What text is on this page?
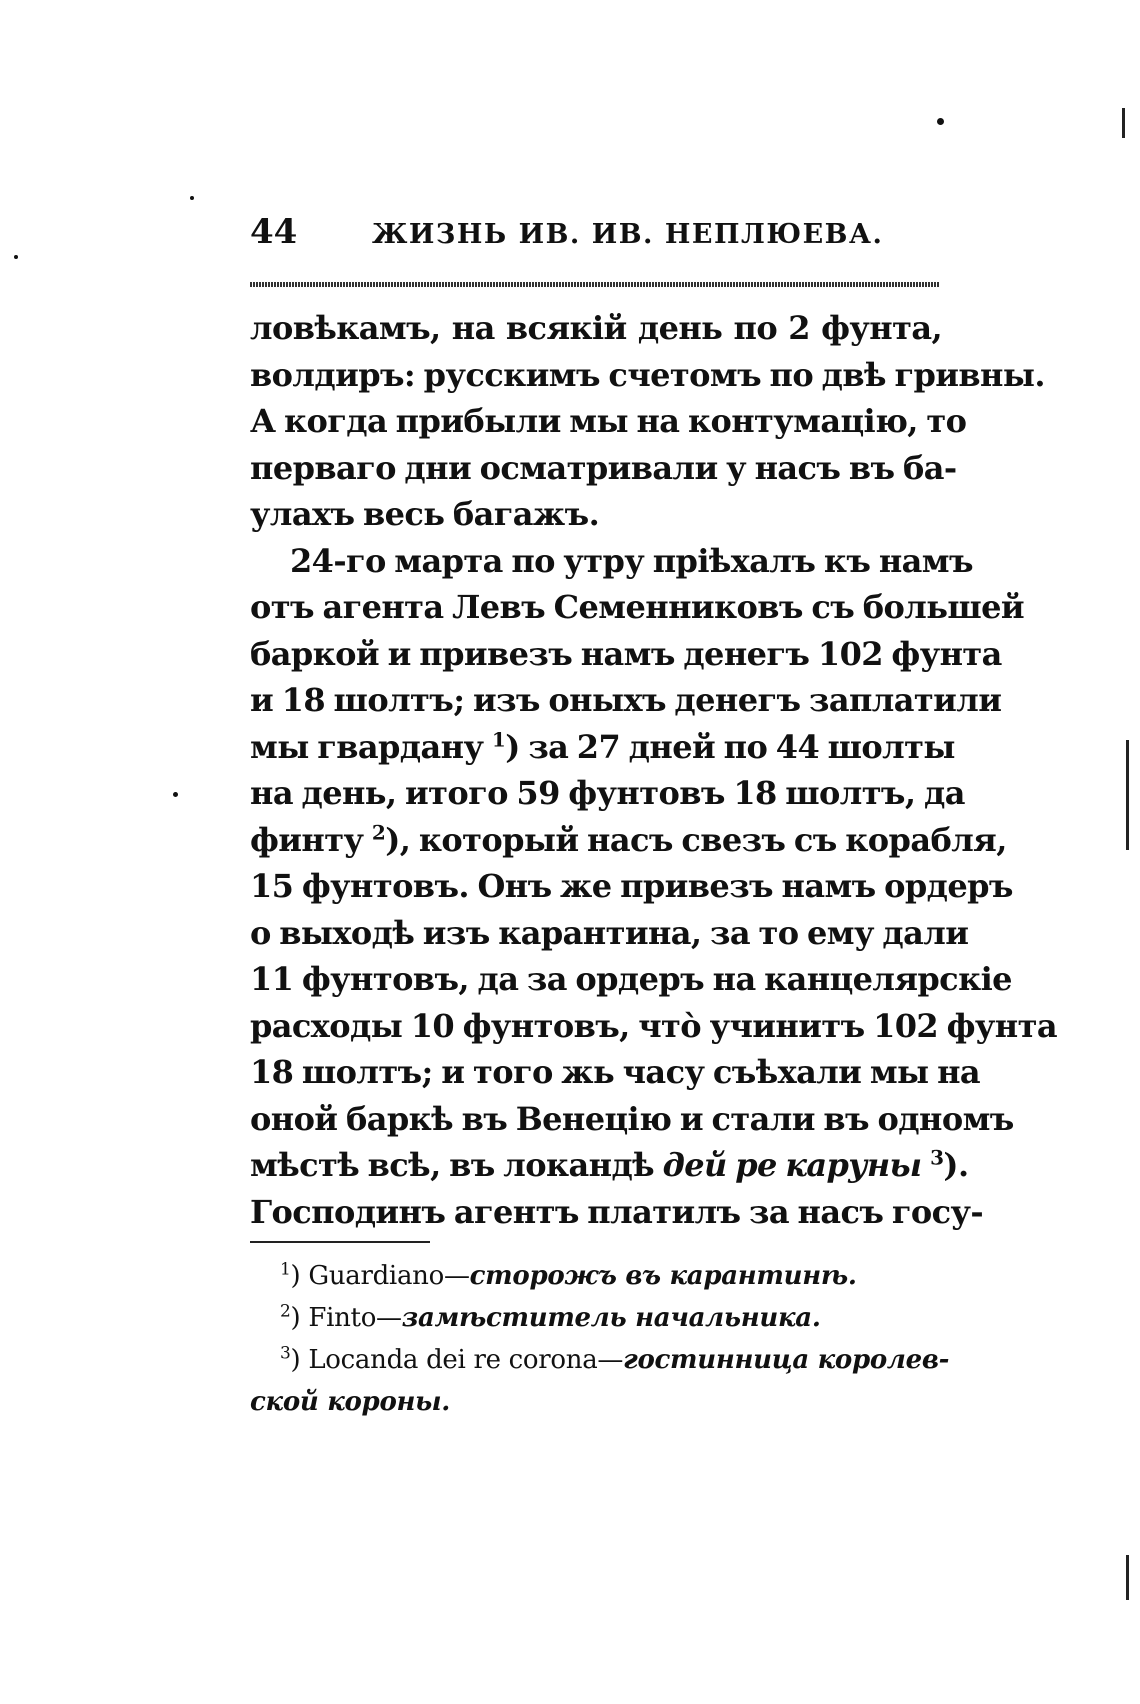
44	ЖИЗНЬ ИВ. ИВ. НЕПЛЮЕВА.
ловѣкамъ, на всякій день по 2 фунта,
волдиръ: русскимъ счетомъ по двѣ гривны.
А когда прибыли мы на контумацію, то
перваго дни осматривали у насъ въ ба-
улахъ весь багажъ.
24-го марта по утру пріѣхалъ къ намъ
отъ агента Левъ Семенниковъ съ большей
баркой и привезъ намъ денегъ 102 фунта
и 18 шолтъ; изъ оныхъ денегъ заплатили
мы гвардану $^1$) за 27 дней по 44 шолты
на день, итого 59 фунтовъ 18 шолтъ, да
финту $^2$), который насъ свезъ съ корабля,
15 фунтовъ. Онъ же привезъ намъ ордеръ
о выходѣ изъ карантина, за то ему дали
11 фунтовъ, да за ордеръ на канцелярскіе
расходы 10 фунтовъ, что̀ учинитъ 102 фунта
18 шолтъ; и того жь часу съѣхали мы на
оной баркѣ въ Венецію и стали въ одномъ
мѣстѣ всѣ, въ локандѣ дей ре каруны $^3$).
Господинъ агентъ платилъ за насъ госу-
$^1$) Guardiano—сторожъ въ карантинѣ.
$^2$) Finto—замѣститель начальника.
$^3$) Locanda dei re corona—гостинница королев-
ской короны.
